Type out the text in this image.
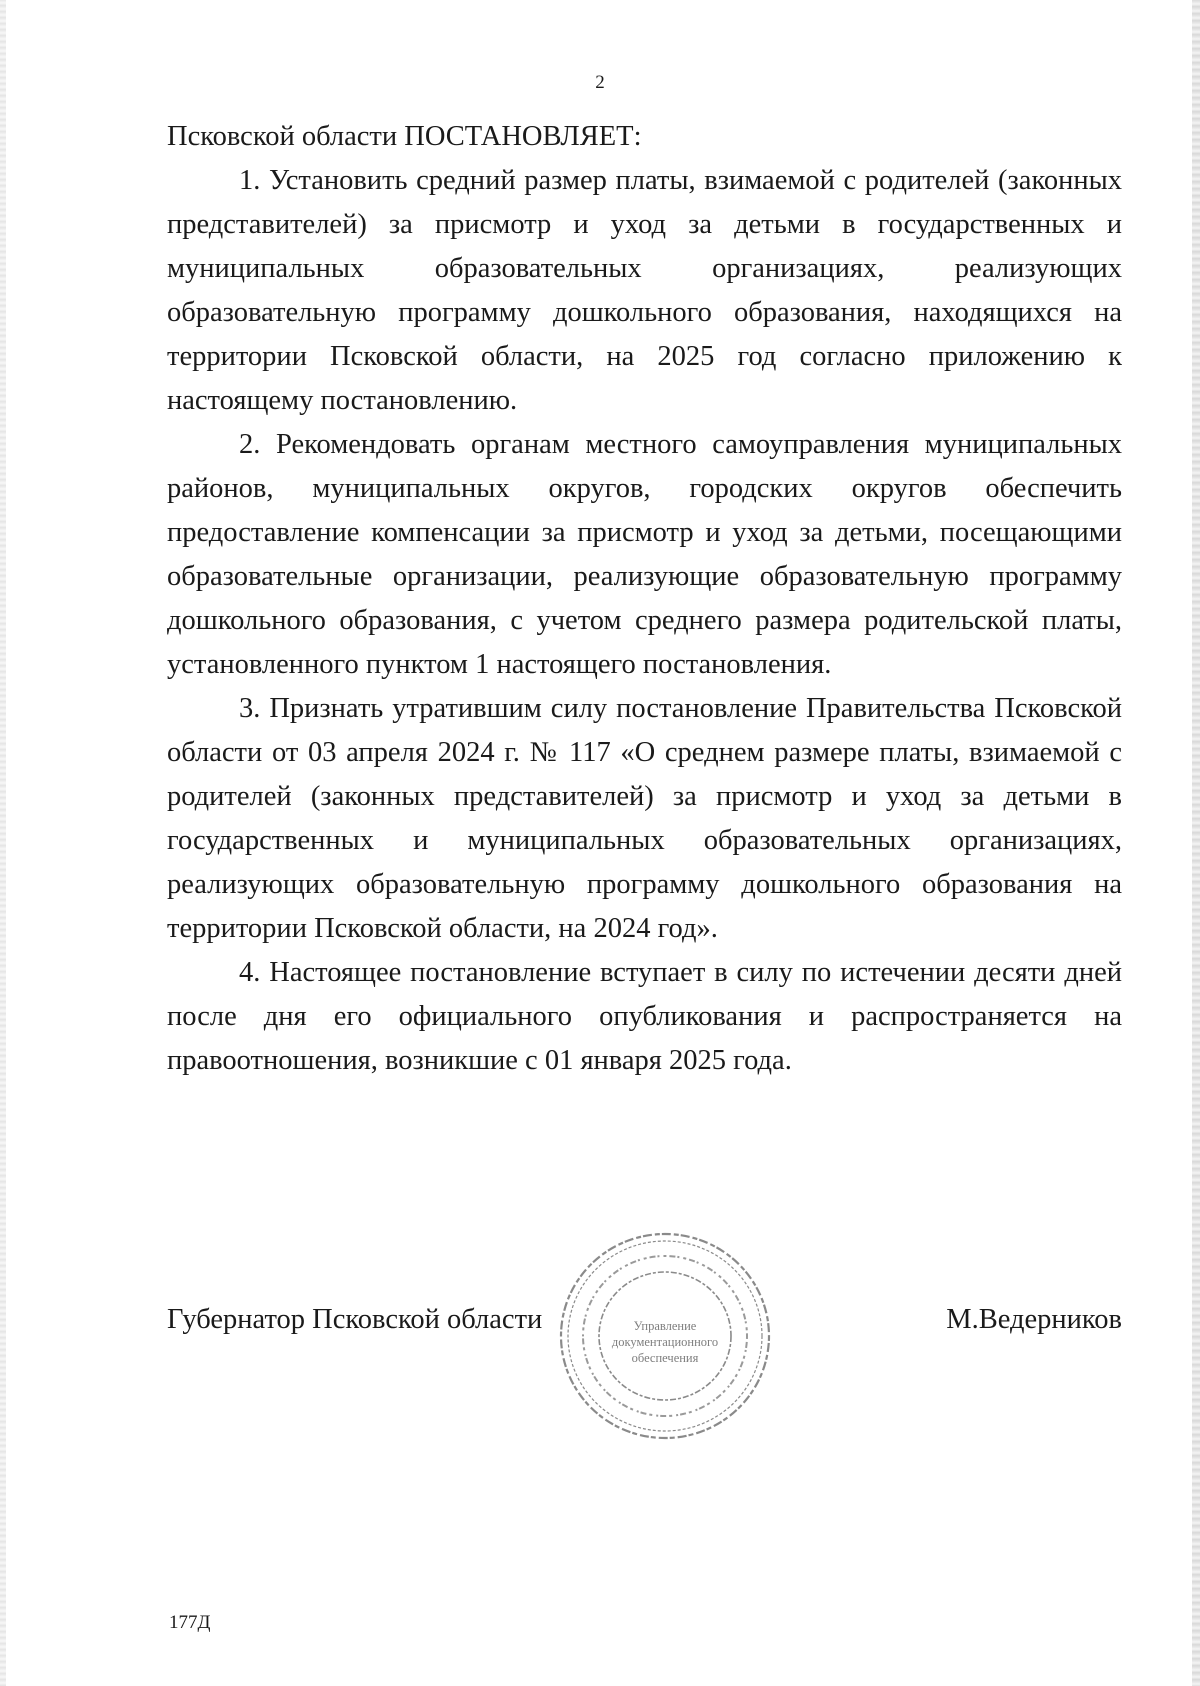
2

Псковской области ПОСТАНОВЛЯЕТ:

1. Установить средний размер платы, взимаемой с родителей (законных представителей) за присмотр и уход за детьми в государственных и муниципальных образовательных организациях, реализующих образовательную программу дошкольного образования, находящихся на территории Псковской области, на 2025 год согласно приложению к настоящему постановлению.

2. Рекомендовать органам местного самоуправления муниципальных районов, муниципальных округов, городских округов обеспечить предоставление компенсации за присмотр и уход за детьми, посещающими образовательные организации, реализующие образовательную программу дошкольного образования, с учетом среднего размера родительской платы, установленного пунктом 1 настоящего постановления.

3. Признать утратившим силу постановление Правительства Псковской области от 03 апреля 2024 г. № 117 «О среднем размере платы, взимаемой с родителей (законных представителей) за присмотр и уход за детьми в государственных и муниципальных образовательных организациях, реализующих образовательную программу дошкольного образования на территории Псковской области, на 2024 год».

4. Настоящее постановление вступает в силу по истечении десяти дней после дня его официального опубликования и распространяется на правоотношения, возникшие с 01 января 2025 года.

Губернатор Псковской области	М.Ведерников
Управление
документационного
обеспечения
177Д
